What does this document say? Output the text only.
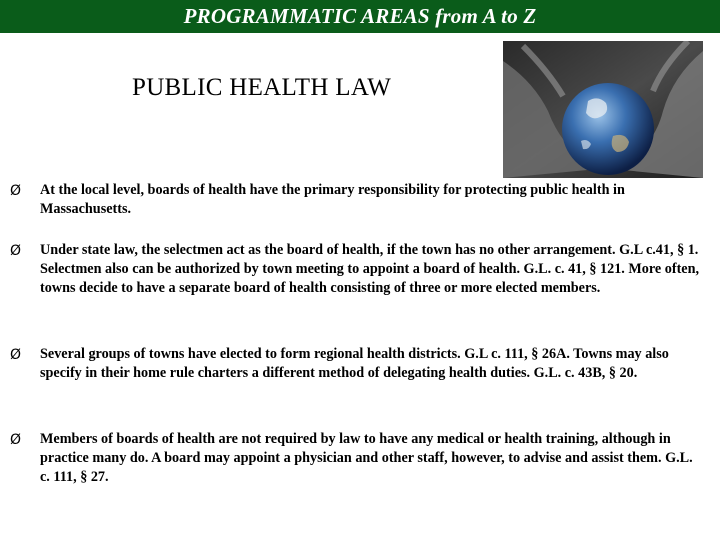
PROGRAMMATIC AREAS from A to Z
PUBLIC HEALTH LAW
Ø At the local level, boards of health have the primary responsibility for protecting public health in Massachusetts.
Ø Under state law, the selectmen act as the board of health, if the town has no other arrangement. G.L c.41, § 1. Selectmen also can be authorized by town meeting to appoint a board of health. G.L. c. 41, § 121. More often, towns decide to have a separate board of health consisting of three or more elected members.
Ø Several groups of towns have elected to form regional health districts. G.L c. 111, § 26A. Towns may also specify in their home rule charters a different method of delegating health duties. G.L. c. 43B, § 20.
Ø Members of boards of health are not required by law to have any medical or health training, although in practice many do. A board may appoint a physician and other staff, however, to advise and assist them. G.L. c. 111, § 27.
